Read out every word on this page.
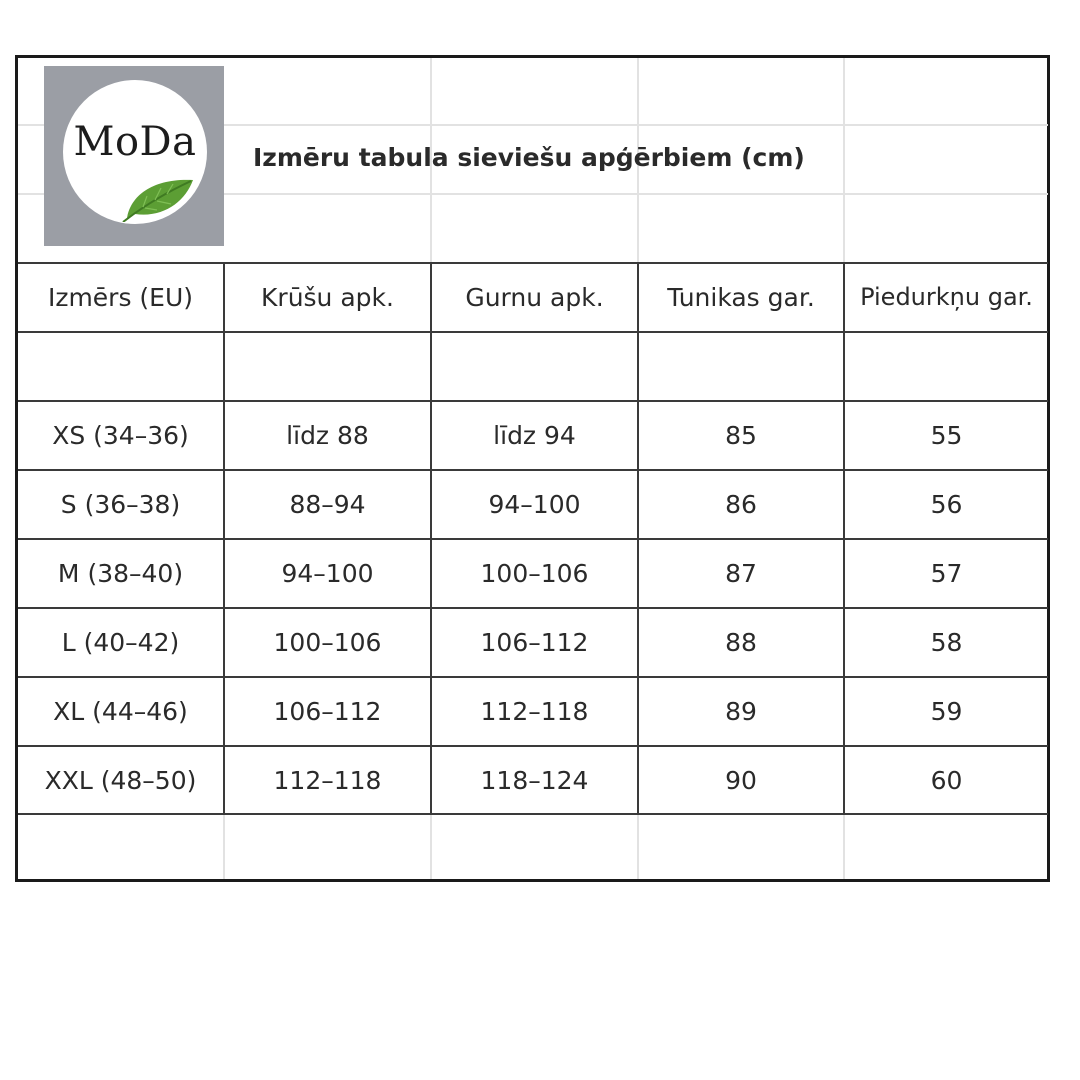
MoDa	Izmēru tabula sieviešu apģērbiem (cm)
Izmērs (EU)	Krūšu apk.	Gurnu apk.	Tunikas gar.	Piedurkņu gar.
XS (34–36)	līdz 88	līdz 94	85	55
S (36–38)	88–94	94–100	86	56
M (38–40)	94–100	100–106	87	57
L (40–42)	100–106	106–112	88	58
XL (44–46)	106–112	112–118	89	59
XXL (48–50)	112–118	118–124	90	60
